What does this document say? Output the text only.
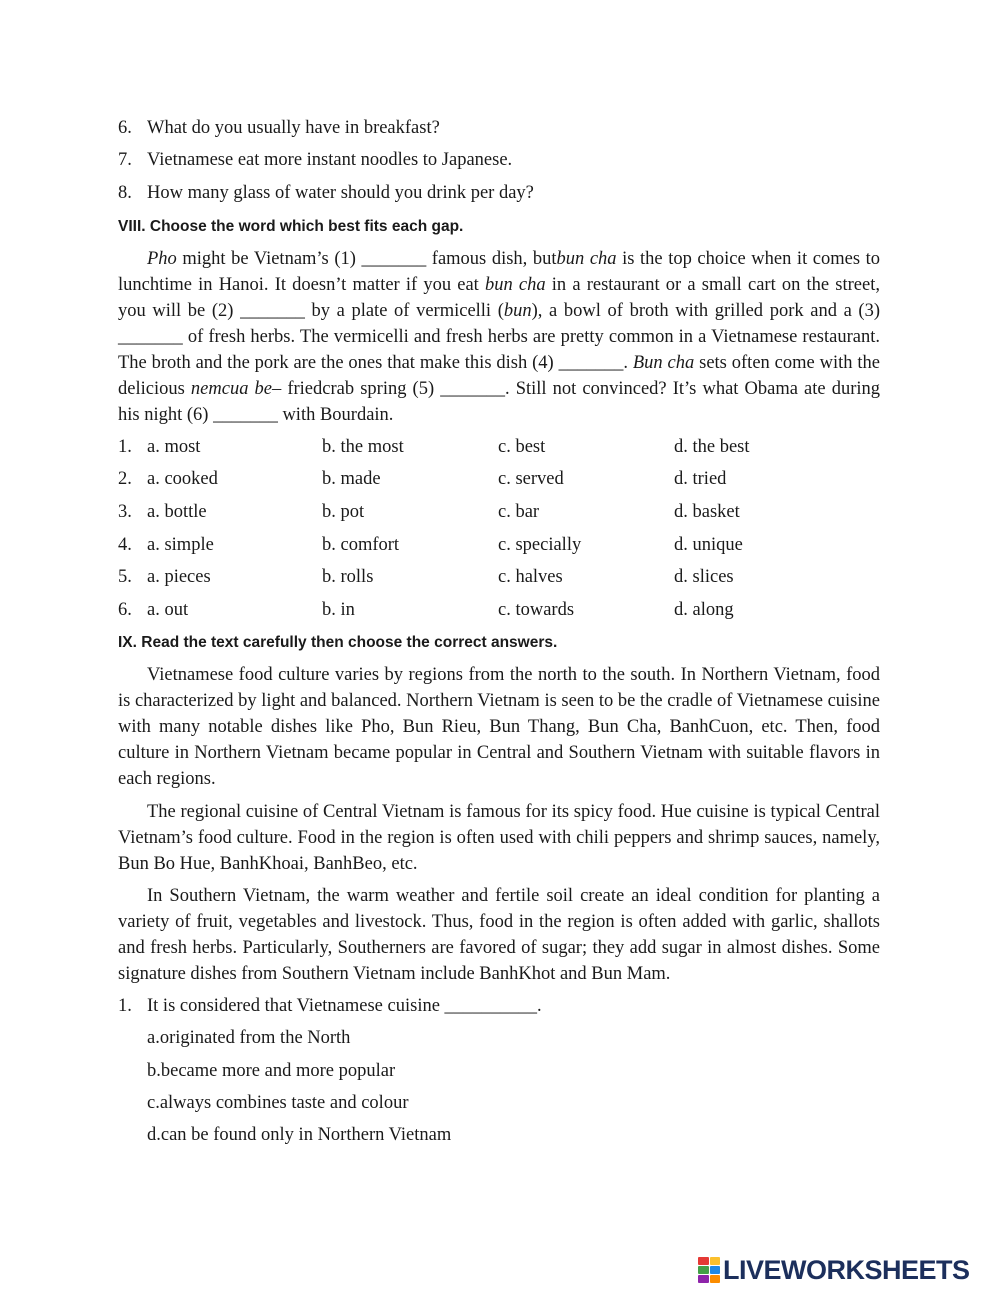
6. What do you usually have in breakfast?
7. Vietnamese eat more instant noodles to Japanese.
8. How many glass of water should you drink per day?
VIII. Choose the word which best fits each gap.
Pho might be Vietnam’s (1) _______ famous dish, butbun cha is the top choice when it comes to lunchtime in Hanoi. It doesn’t matter if you eat bun cha in a restaurant or a small cart on the street, you will be (2) _______ by a plate of vermicelli (bun), a bowl of broth with grilled pork and a (3) _______ of fresh herbs. The vermicelli and fresh herbs are pretty common in a Vietnamese restaurant. The broth and the pork are the ones that make this dish (4) _______. Bun cha sets often come with the delicious nemcua be– friedcrab spring (5) _______. Still not convinced? It’s what Obama ate during his night (6) _______ with Bourdain.
1. a. most	b. the most	c. best	d. the best
2. a. cooked	b. made	c. served	d. tried
3. a. bottle	b. pot	c. bar	d. basket
4. a. simple	b. comfort	c. specially	d. unique
5. a. pieces	b. rolls	c. halves	d. slices
6. a. out	b. in	c. towards	d. along
IX. Read the text carefully then choose the correct answers.
Vietnamese food culture varies by regions from the north to the south. In Northern Vietnam, food is characterized by light and balanced. Northern Vietnam is seen to be the cradle of Vietnamese cuisine with many notable dishes like Pho, Bun Rieu, Bun Thang, Bun Cha, BanhCuon, etc. Then, food culture in Northern Vietnam became popular in Central and Southern Vietnam with suitable flavors in each regions.
The regional cuisine of Central Vietnam is famous for its spicy food. Hue cuisine is typical Central Vietnam’s food culture. Food in the region is often used with chili peppers and shrimp sauces, namely, Bun Bo Hue, BanhKhoai, BanhBeo, etc.
In Southern Vietnam, the warm weather and fertile soil create an ideal condition for planting a variety of fruit, vegetables and livestock. Thus, food in the region is often added with garlic, shallots and fresh herbs. Particularly, Southerners are favored of sugar; they add sugar in almost dishes. Some signature dishes from Southern Vietnam include BanhKhot and Bun Mam.
1. It is considered that Vietnamese cuisine __________.
a.originated from the North
b.became more and more popular
c.always combines taste and colour
d.can be found only in Northern Vietnam
LIVEWORKSHEETS
